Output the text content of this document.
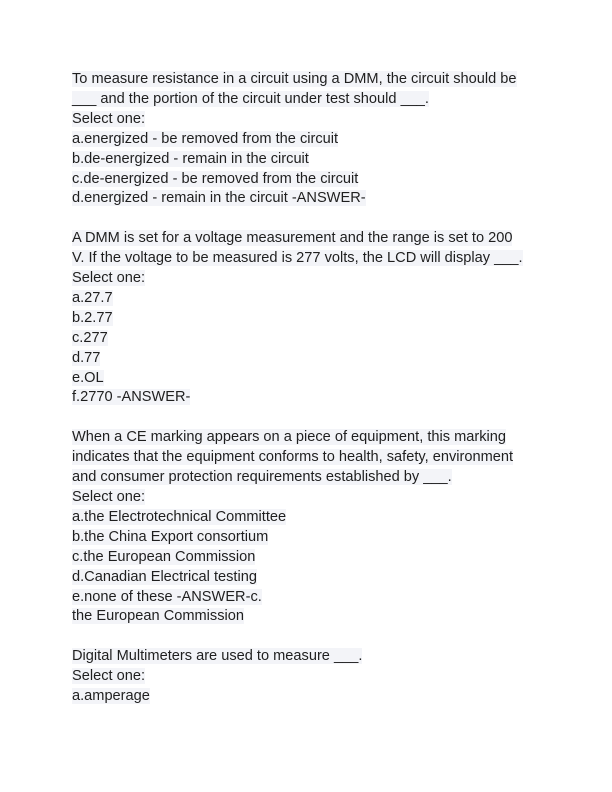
To measure resistance in a circuit using a DMM, the circuit should be
___ and the portion of the circuit under test should ___.
Select one:
a.energized - be removed from the circuit
b.de-energized - remain in the circuit
c.de-energized - be removed from the circuit
d.energized - remain in the circuit -ANSWER-
A DMM is set for a voltage measurement and the range is set to 200
V. If the voltage to be measured is 277 volts, the LCD will display ___.
Select one:
a.27.7
b.2.77
c.277
d.77
e.OL
f.2770 -ANSWER-
When a CE marking appears on a piece of equipment, this marking
indicates that the equipment conforms to health, safety, environment
and consumer protection requirements established by ___.
Select one:
a.the Electrotechnical Committee
b.the China Export consortium
c.the European Commission
d.Canadian Electrical testing
e.none of these -ANSWER-c.
the European Commission
Digital Multimeters are used to measure ___.
Select one:
a.amperage
